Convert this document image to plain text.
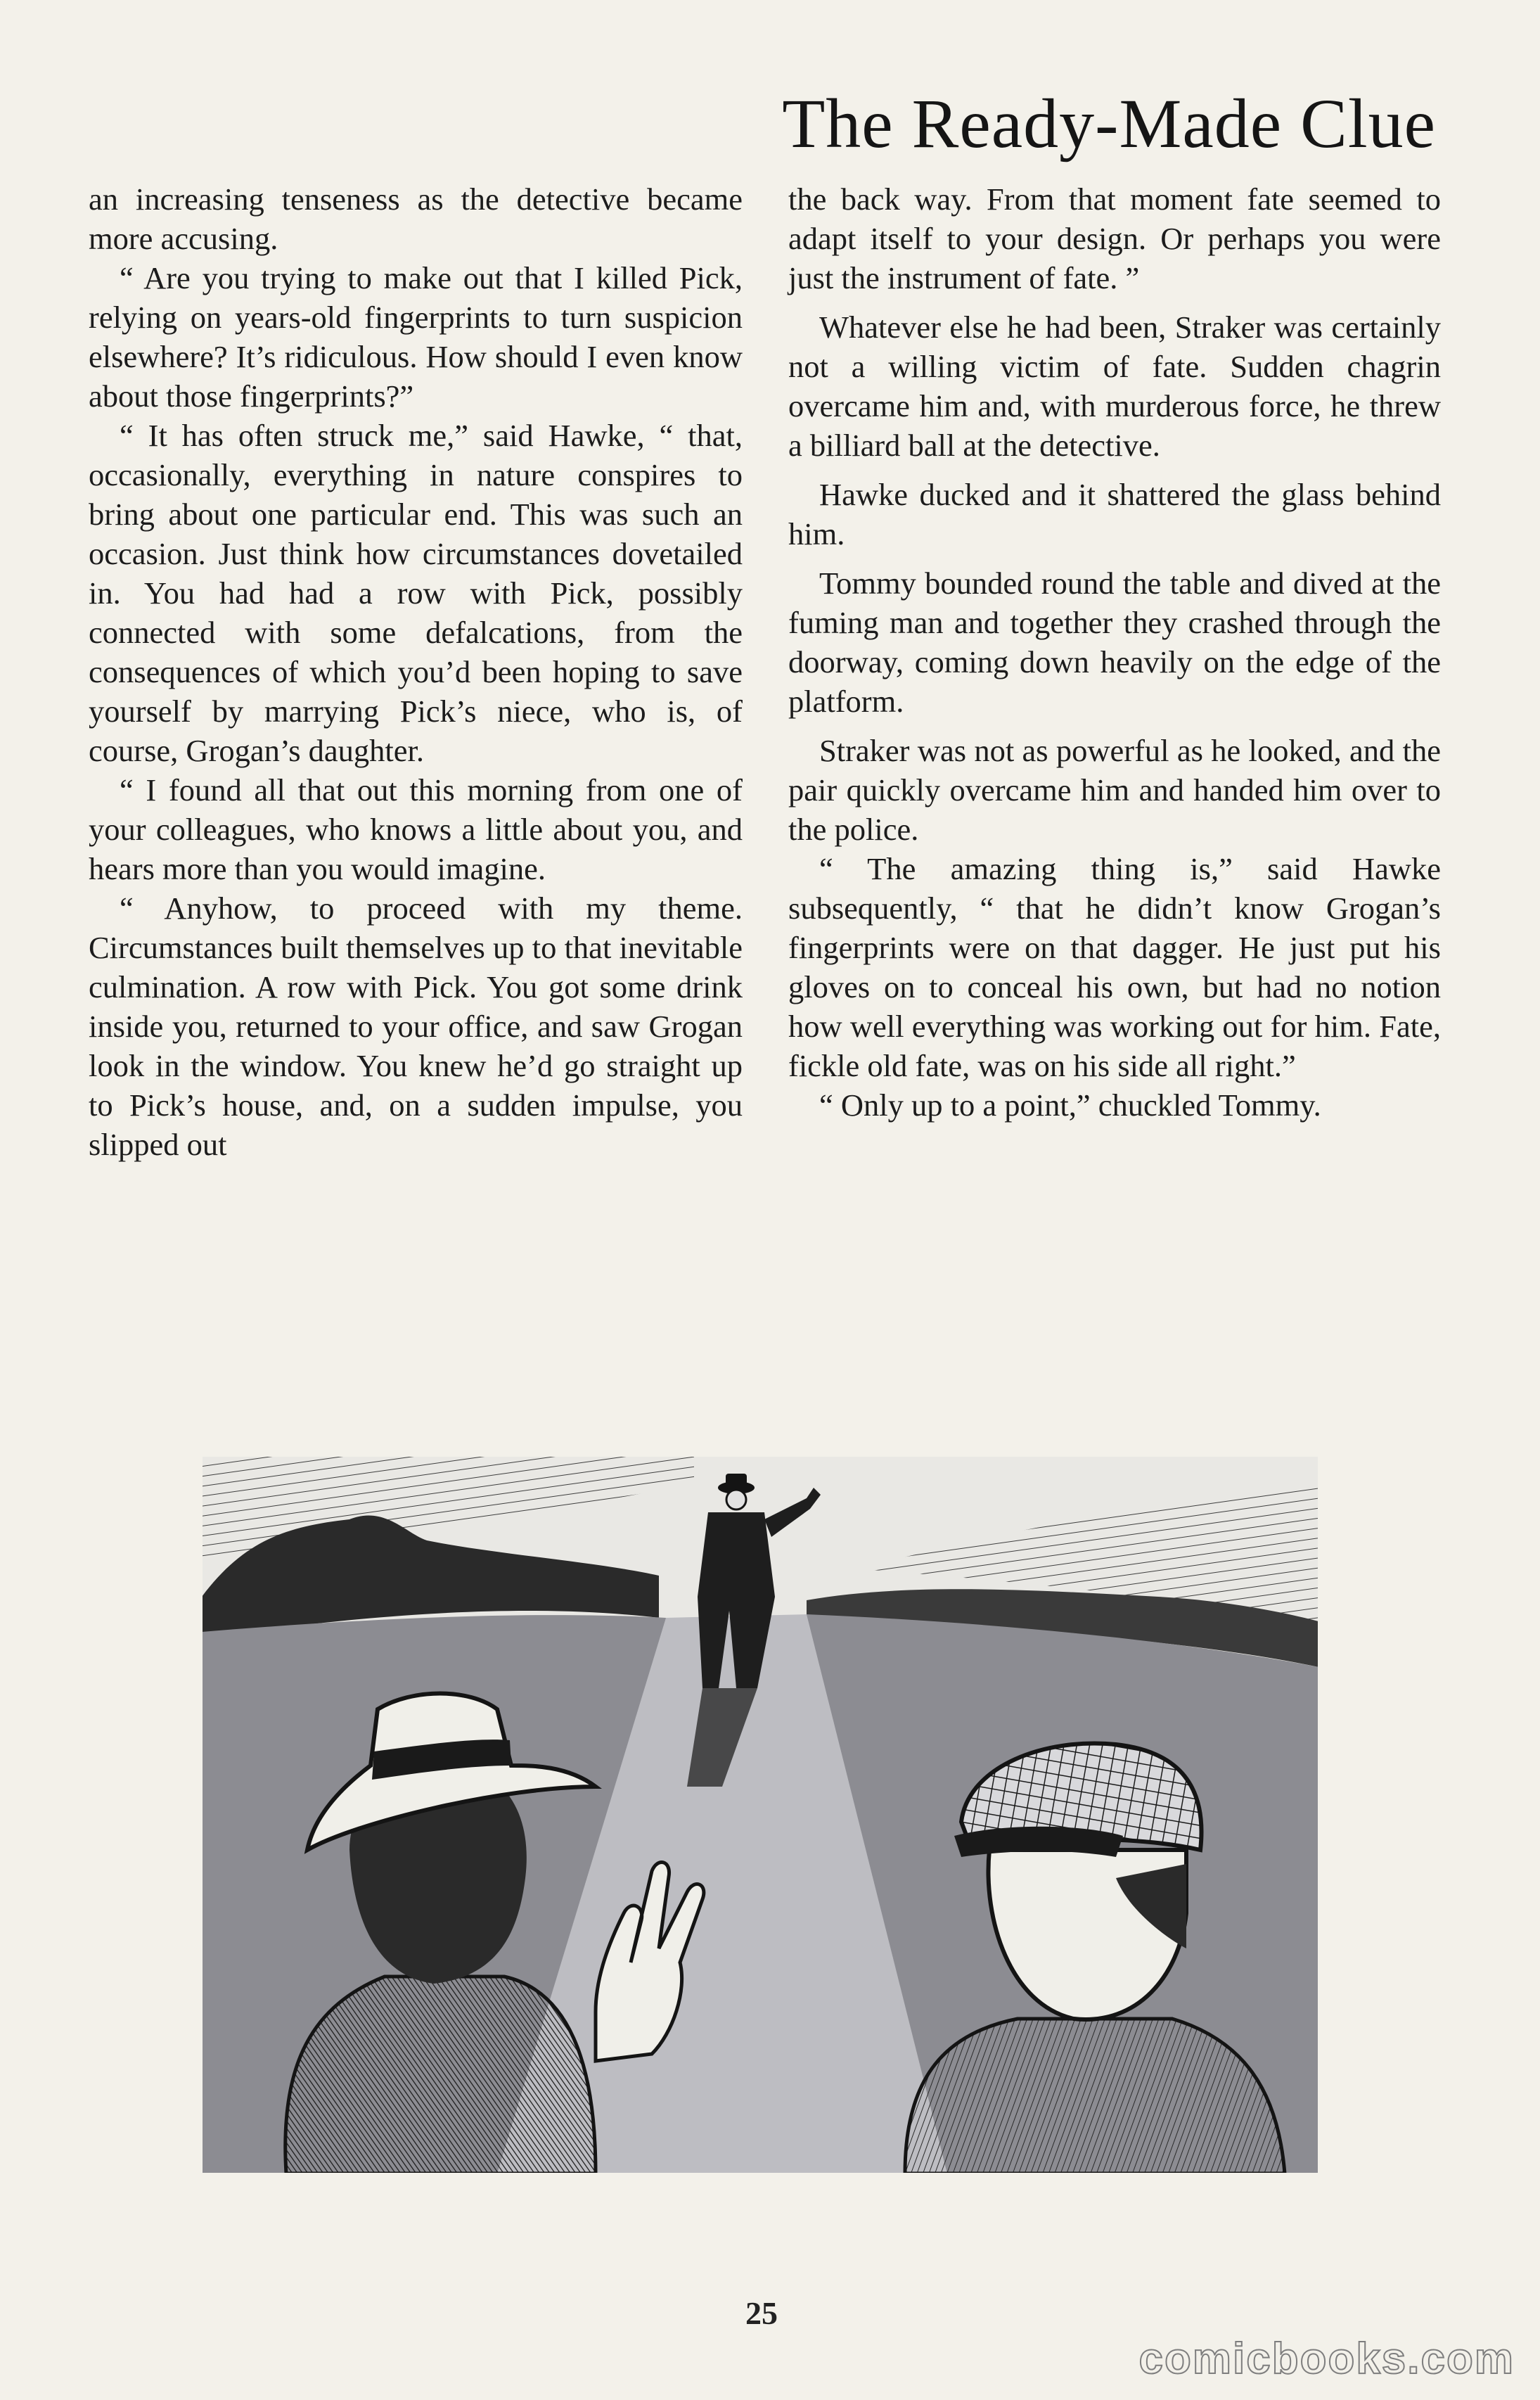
The Ready-Made Clue

an increasing tenseness as the detective became more accusing.

“ Are you trying to make out that I killed Pick, relying on years-old fingerprints to turn suspicion elsewhere? It’s ridiculous. How should I even know about those fingerprints?”

“ It has often struck me,” said Hawke, “ that, occasionally, everything in nature conspires to bring about one particular end. This was such an occasion. Just think how circumstances dovetailed in. You had had a row with Pick, possibly connected with some defalcations, from the consequences of which you’d been hoping to save yourself by marrying Pick’s niece, who is, of course, Grogan’s daughter.

“ I found all that out this morning from one of your colleagues, who knows a little about you, and hears more than you would imagine.

“ Anyhow, to proceed with my theme. Circumstances built themselves up to that inevitable culmination. A row with Pick. You got some drink inside you, returned to your office, and saw Grogan look in the window. You knew he’d go straight up to Pick’s house, and, on a sudden impulse, you slipped out

the back way. From that moment fate seemed to adapt itself to your design. Or perhaps you were just the instrument of fate. ”

Whatever else he had been, Straker was certainly not a willing victim of fate. Sudden chagrin overcame him and, with murderous force, he threw a billiard ball at the detective.

Hawke ducked and it shattered the glass behind him.

Tommy bounded round the table and dived at the fuming man and together they crashed through the doorway, coming down heavily on the edge of the platform.

Straker was not as powerful as he looked, and the pair quickly overcame him and handed him over to the police.

“ The amazing thing is,” said Hawke subsequently, “ that he didn’t know Grogan’s fingerprints were on that dagger. He just put his gloves on to conceal his own, but had no notion how well everything was working out for him. Fate, fickle old fate, was on his side all right.”

“ Only up to a point,” chuckled Tommy.

25
comicbooks.com
